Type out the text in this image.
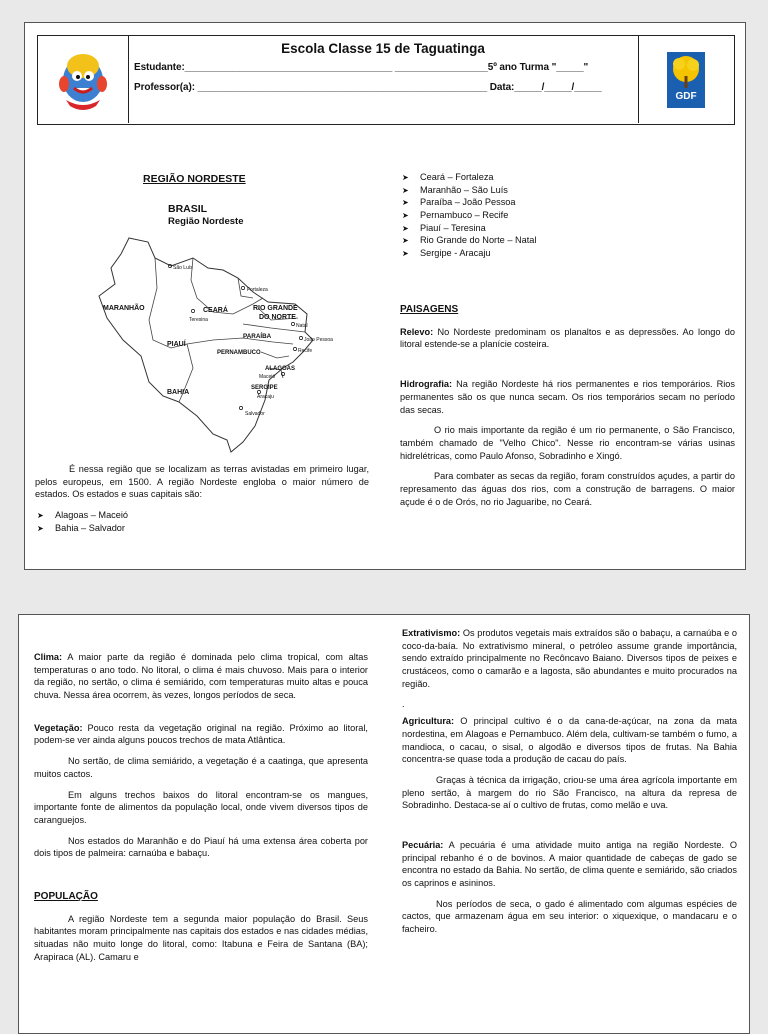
Escola Classe 15 de Taguatinga
Estudante:______________________________________ _________________5º ano Turma "_____"
Professor(a): _____________________________________________________ Data:_____/_____/_____
GDF
REGIÃO NORDESTE
BRASIL
Região Nordeste
MARANHÃO	CEARÁ	RIO GRANDE
DO NORTE
PIAUÍ
PARAÍBA
PERNAMBUCO
ALAGOAS
SERGIPE
BAHIA
São Luís
Fortaleza
Teresina
Natal
João Pessoa
Recife
Maceió
Aracaju
Salvador

É nessa região que se localizam as terras avistadas em primeiro lugar, pelos europeus, em 1500. A região Nordeste engloba o maior número de estados. Os estados e suas capitais são:

➤ Alagoas – Maceió
➤ Bahia – Salvador
➤ Ceará – Fortaleza
➤ Maranhão – São Luís
➤ Paraíba – João Pessoa
➤ Pernambuco – Recife
➤ Piauí – Teresina
➤ Rio Grande do Norte – Natal
➤ Sergipe - Aracaju
PAISAGENS

Relevo: No Nordeste predominam os planaltos e as depressões. Ao longo do litoral estende-se a planície costeira.

Hidrografia: Na região Nordeste há rios permanentes e rios temporários. Rios permanentes são os que nunca secam. Os rios temporários secam no período das secas.

O rio mais importante da região é um rio permanente, o São Francisco, também chamado de "Velho Chico". Nesse rio encontram-se várias usinas hidrelétricas, como Paulo Afonso, Sobradinho e Xingó.

Para combater as secas da região, foram construídos açudes, a partir do represamento das águas dos rios, com a construção de barragens. O maior açude é o de Orós, no rio Jaguaribe, no Ceará.

Clima: A maior parte da região é dominada pelo clima tropical, com altas temperaturas o ano todo. No litoral, o clima é mais chuvoso. Mais para o interior da região, no sertão, o clima é semiárido, com temperaturas muito altas e pouca chuva. Nessa área ocorrem, às vezes, longos períodos de seca.

Vegetação: Pouco resta da vegetação original na região. Próximo ao litoral, podem-se ver ainda alguns poucos trechos de mata Atlântica.

No sertão, de clima semiárido, a vegetação é a caatinga, que apresenta muitos cactos.

Em alguns trechos baixos do litoral encontram-se os mangues, importante fonte de alimentos da população local, onde vivem diversos tipos de caranguejos.

Nos estados do Maranhão e do Piauí há uma extensa área coberta por dois tipos de palmeira: carnaúba e babaçu.

POPULAÇÃO

A região Nordeste tem a segunda maior população do Brasil. Seus habitantes moram principalmente nas capitais dos estados e nas cidades médias, situadas não muito longe do litoral, como: Itabuna e Feira de Santana (BA); Arapiraca (AL). Camaru e

Extrativismo: Os produtos vegetais mais extraídos são o babaçu, a carnaúba e o coco-da-baía. No extrativismo mineral, o petróleo assume grande importância, sendo extraído principalmente no Recôncavo Baiano. Diversos tipos de peixes e crustáceos, como o camarão e a lagosta, são abundantes e muito procurados na região.

.

Agricultura: O principal cultivo é o da cana-de-açúcar, na zona da mata nordestina, em Alagoas e Pernambuco. Além dela, cultivam-se também o fumo, a mandioca, o cacau, o sisal, o algodão e diversos tipos de frutas. Na Bahia concentra-se quase toda a produção de cacau do país.

Graças à técnica da irrigação, criou-se uma área agrícola importante em pleno sertão, à margem do rio São Francisco, na altura da represa de Sobradinho. Destaca-se aí o cultivo de frutas, como melão e uva.

Pecuária: A pecuária é uma atividade muito antiga na região Nordeste. O principal rebanho é o de bovinos. A maior quantidade de cabeças de gado se encontra no estado da Bahia. No sertão, de clima quente e semiárido, são criados os caprinos e asininos.

Nos períodos de seca, o gado é alimentado com algumas espécies de cactos, que armazenam água em seu interior: o xiquexique, o mandacaru e o facheiro.
